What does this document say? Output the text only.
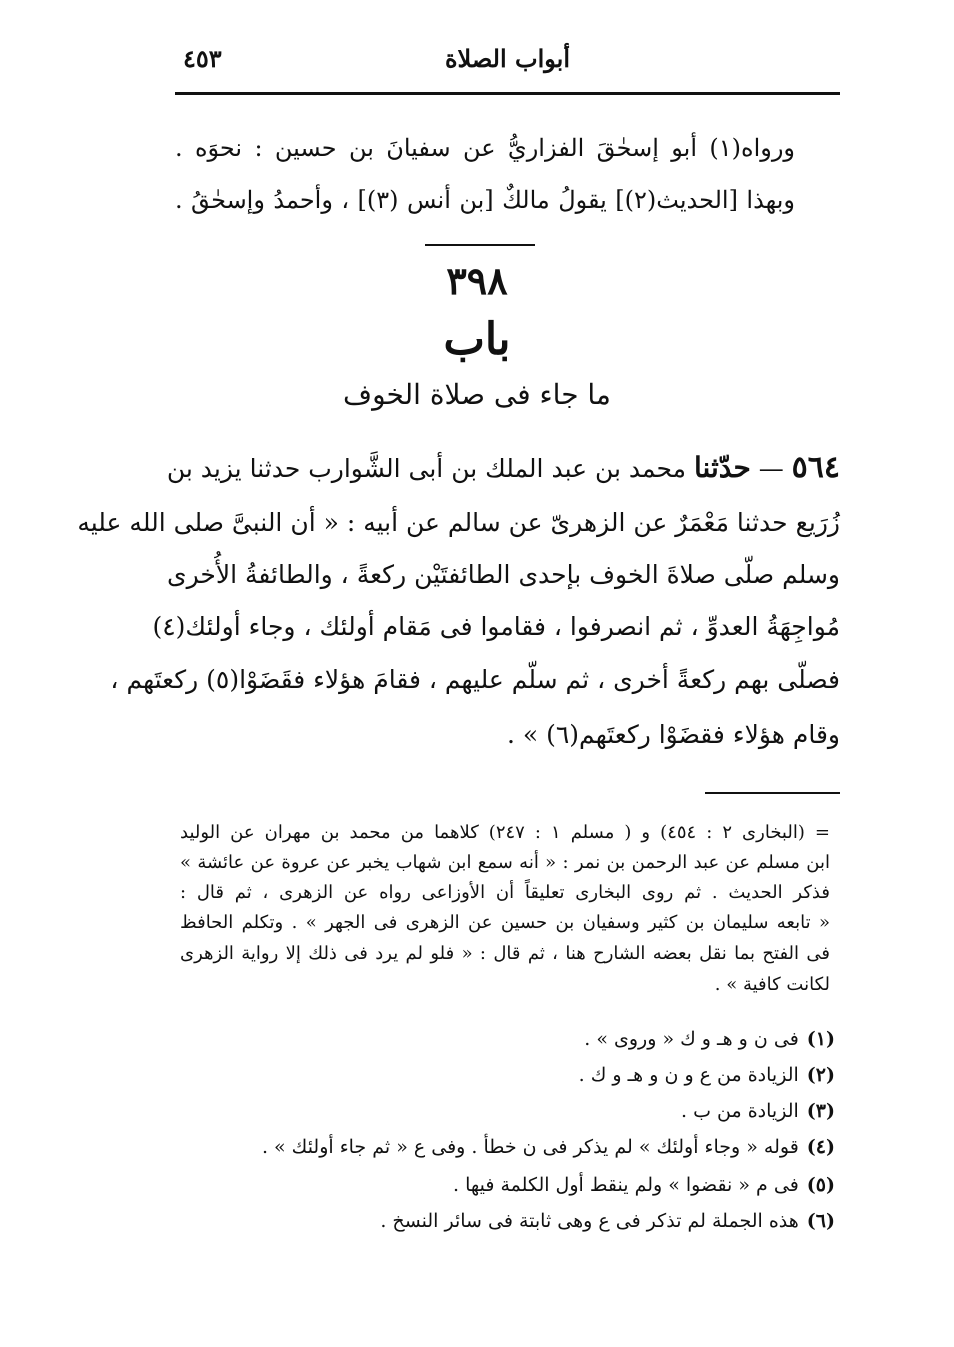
أبواب الصلاة
٤٥٣
ورواه(١) أبو إسحٰقَ الفزاريُّ عن سفيانَ بن حسين : نحوَه .
وبهذا [الحديث(٢)] يقولُ مالكٌ [بن أنس (٣)] ، وأحمدُ وإسحٰقُ .
٣٩٨
باب
ما جاء فى صلاة الخوف
٥٦٤ — حدّثنا محمد بن عبد الملك بن أبى الشَّوارب حدثنا يزيد بن
زُرَيع حدثنا مَعْمَرٌ عن الزهرىّ عن سالم عن أبيه : « أن النبىَّ صلى الله عليه
وسلم صلّى صلاةَ الخوف بإحدى الطائفتَيْن ركعةً ، والطائفةُ الأُخرى
مُواجِهَةُ العدوِّ ، ثم انصرفوا ، فقاموا فى مَقام أولئك ، وجاء أولئك(٤)
فصلّى بهم ركعةً أخرى ، ثم سلّم عليهم ، فقامَ هؤلاء فقَضَوْا(٥) ركعتَهم ،
وقام هؤلاء فقضَوْا ركعتَهم(٦) » .
= (البخارى ٢ : ٤٥٤) و ( مسلم ١ : ٢٤٧) كلاهما من محمد بن مهران عن الوليد
ابن مسلم عن عبد الرحمن بن نمر : « أنه سمع ابن شهاب يخبر عن عروة عن عائشة »
فذكر الحديث . ثم روى البخارى تعليقاً أن الأوزاعى رواه عن الزهرى ، ثم قال :
« تابعه سليمان بن كثير وسفيان بن حسين عن الزهرى فى الجهر » . وتكلم الحافظ
فى الفتح بما نقل بعضه الشارح هنا ، ثم قال : « فلو لم يرد فى ذلك إلا رواية الزهرى
لكانت كافية » .
(١)فى ن و هـ و ك « وروى » .
(٢)الزيادة من ع و ن و هـ و ك .
(٣)الزيادة من ب .
(٤)قوله « وجاء أولئك » لم يذكر فى ن خطأ . وفى ع « ثم جاء أولئك » .
(٥)فى م « نقضوا » ولم ينقط أول الكلمة فيها .
(٦)هذه الجملة لم تذكر فى ع وهى ثابتة فى سائر النسخ .
